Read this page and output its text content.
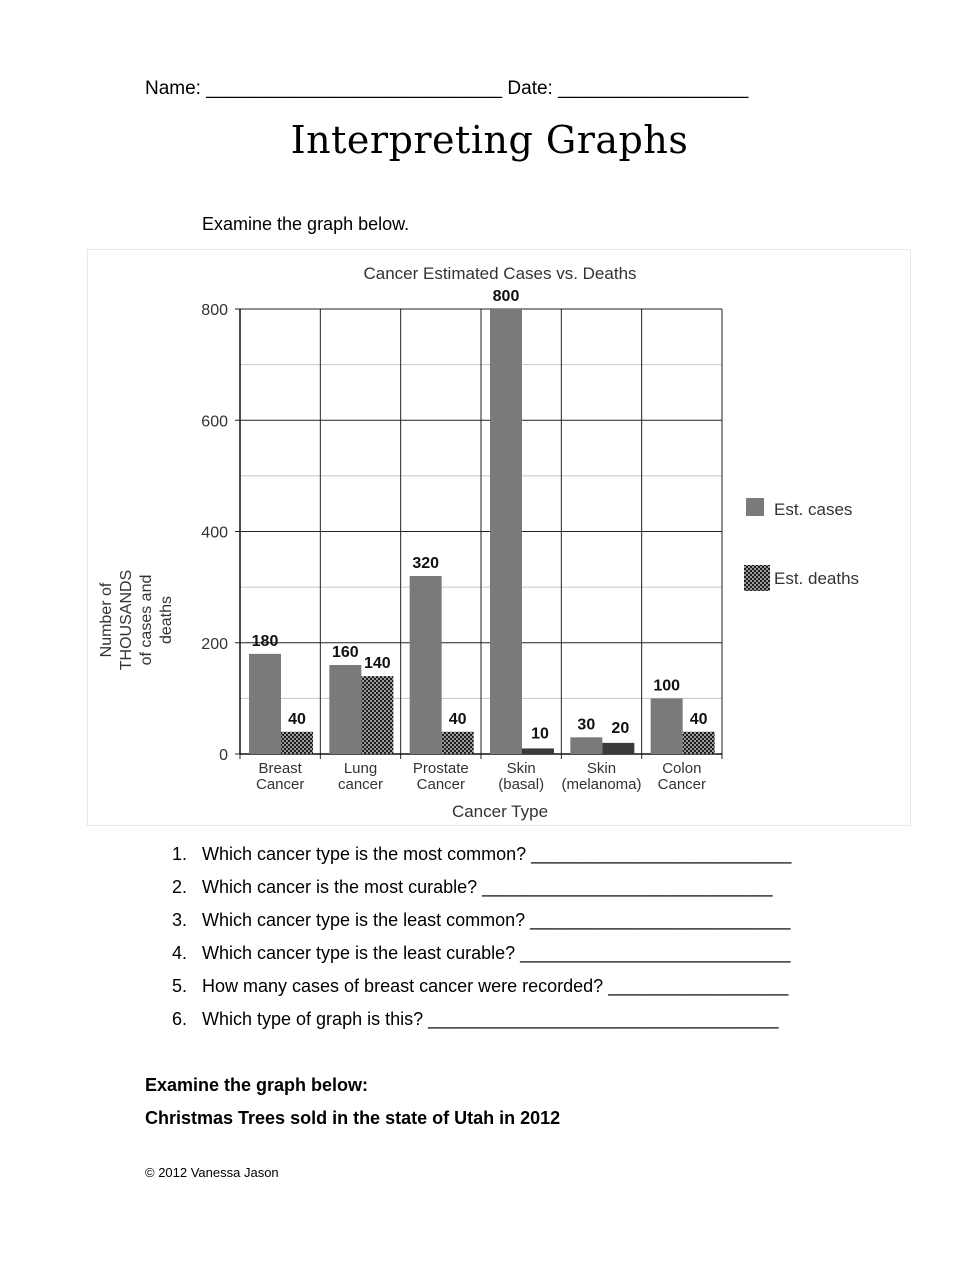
Name: ____________________________ Date: __________________
Interpreting Graphs
Examine the graph below.
0
200
400
600
800
180
40
Breast
Cancer
160
140
Lung
cancer
320
40
Prostate
Cancer
800
10
Skin
(basal)
30 20
Skin
(melanoma)
100
40
Colon
Cancer
Cancer Estimated Cases vs. Deaths
Cancer Type
Number of THOUSANDS of cases and deaths
Est. cases
Est. deaths
1. Which cancer type is the most common? __________________________
2. Which cancer is the most curable? _____________________________
3. Which cancer type is the least common? __________________________
4. Which cancer type is the least curable? ___________________________
5. How many cases of breast cancer were recorded? __________________
6. Which type of graph is this? ___________________________________
Examine the graph below:
Christmas Trees sold in the state of Utah in 2012
© 2012 Vanessa Jason
